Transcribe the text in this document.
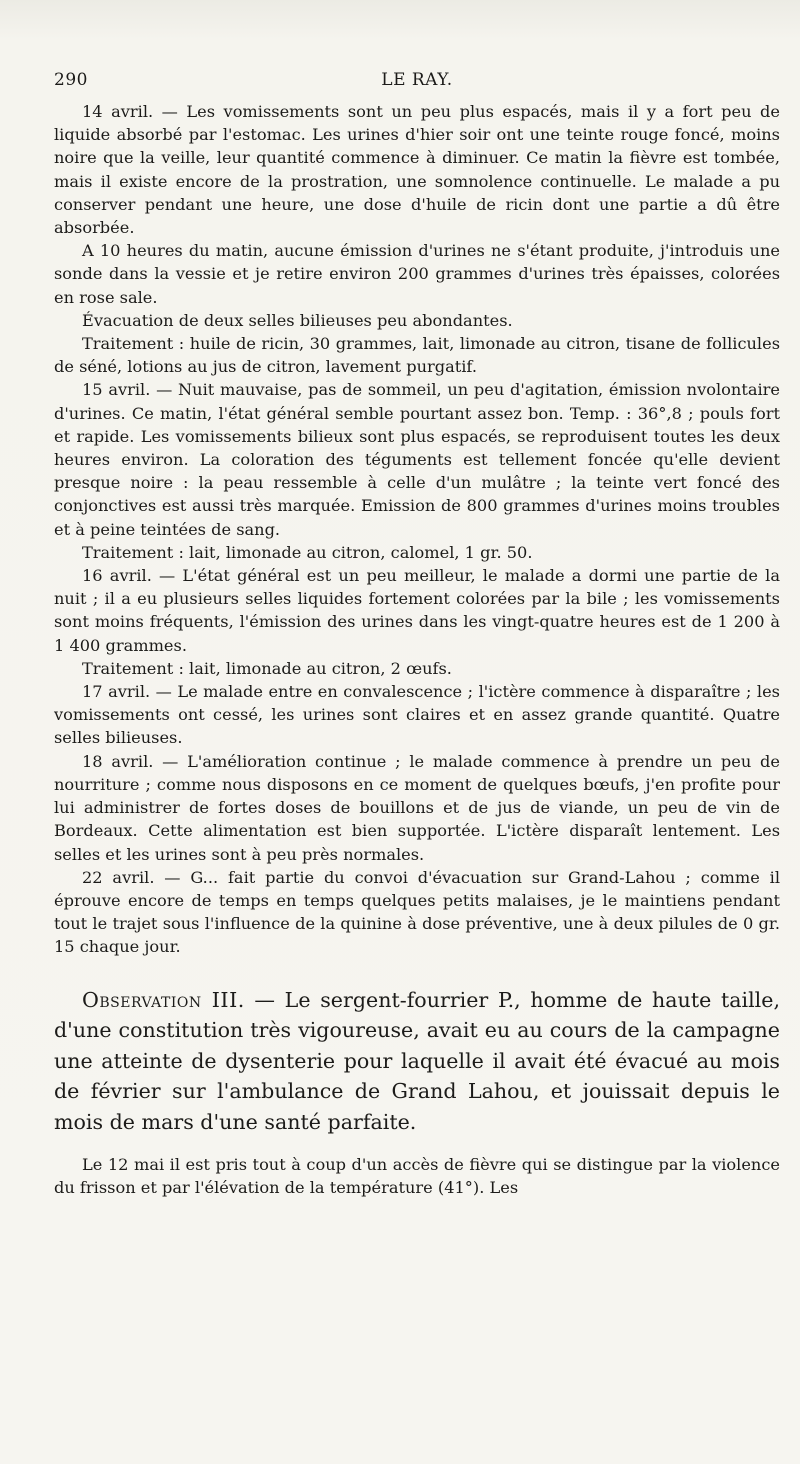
290	LE RAY.

14 avril. — Les vomissements sont un peu plus espacés, mais il y a fort peu de liquide absorbé par l'estomac. Les urines d'hier soir ont une teinte rouge foncé, moins noire que la veille, leur quantité commence à diminuer. Ce matin la fièvre est tombée, mais il existe encore de la prostration, une somnolence continuelle. Le malade a pu conserver pendant une heure, une dose d'huile de ricin dont une partie a dû être absorbée.

A 10 heures du matin, aucune émission d'urines ne s'étant produite, j'introduis une sonde dans la vessie et je retire environ 200 grammes d'urines très épaisses, colorées en rose sale.

Évacuation de deux selles bilieuses peu abondantes.

Traitement : huile de ricin, 30 grammes, lait, limonade au citron, tisane de follicules de séné, lotions au jus de citron, lavement purgatif.

15 avril. — Nuit mauvaise, pas de sommeil, un peu d'agitation, émission nvolontaire d'urines. Ce matin, l'état général semble pourtant assez bon. Temp. : 36°,8 ; pouls fort et rapide. Les vomissements bilieux sont plus espacés, se reproduisent toutes les deux heures environ. La coloration des téguments est tellement foncée qu'elle devient presque noire : la peau ressemble à celle d'un mulâtre ; la teinte vert foncé des conjonctives est aussi très marquée. Emission de 800 grammes d'urines moins troubles et à peine teintées de sang.

Traitement : lait, limonade au citron, calomel, 1 gr. 50.

16 avril. — L'état général est un peu meilleur, le malade a dormi une partie de la nuit ; il a eu plusieurs selles liquides fortement colorées par la bile ; les vomissements sont moins fréquents, l'émission des urines dans les vingt-quatre heures est de 1 200 à 1 400 grammes.

Traitement : lait, limonade au citron, 2 œufs.

17 avril. — Le malade entre en convalescence ; l'ictère commence à disparaître ; les vomissements ont cessé, les urines sont claires et en assez grande quantité. Quatre selles bilieuses.

18 avril. — L'amélioration continue ; le malade commence à prendre un peu de nourriture ; comme nous disposons en ce moment de quelques bœufs, j'en profite pour lui administrer de fortes doses de bouillons et de jus de viande, un peu de vin de Bordeaux. Cette alimentation est bien supportée. L'ictère disparaît lentement. Les selles et les urines sont à peu près normales.

22 avril. — G... fait partie du convoi d'évacuation sur Grand-Lahou ; comme il éprouve encore de temps en temps quelques petits malaises, je le maintiens pendant tout le trajet sous l'influence de la quinine à dose préventive, une à deux pilules de 0 gr. 15 chaque jour.

Observation III. — Le sergent-fourrier P., homme de haute taille, d'une constitution très vigoureuse, avait eu au cours de la campagne une atteinte de dysenterie pour laquelle il avait été évacué au mois de février sur l'ambulance de Grand Lahou, et jouissait depuis le mois de mars d'une santé parfaite.

Le 12 mai il est pris tout à coup d'un accès de fièvre qui se distingue par la violence du frisson et par l'élévation de la température (41°). Les
